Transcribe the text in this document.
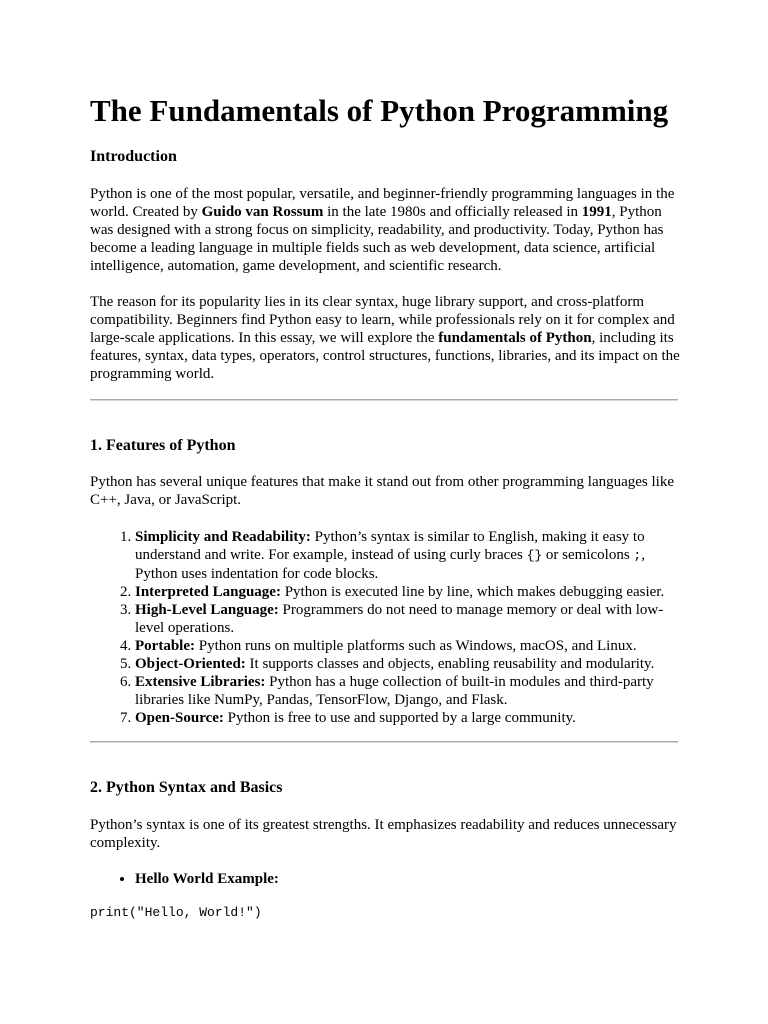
The Fundamentals of Python Programming
Introduction

Python is one of the most popular, versatile, and beginner-friendly programming languages in the world. Created by Guido van Rossum in the late 1980s and officially released in 1991, Python was designed with a strong focus on simplicity, readability, and productivity. Today, Python has become a leading language in multiple fields such as web development, data science, artificial intelligence, automation, game development, and scientific research.

The reason for its popularity lies in its clear syntax, huge library support, and cross-platform compatibility. Beginners find Python easy to learn, while professionals rely on it for complex and large-scale applications. In this essay, we will explore the fundamentals of Python, including its features, syntax, data types, operators, control structures, functions, libraries, and its impact on the programming world.

1. Features of Python

Python has several unique features that make it stand out from other programming languages like C++, Java, or JavaScript.

1. Simplicity and Readability: Python’s syntax is similar to English, making it easy to understand and write. For example, instead of using curly braces {} or semicolons ;, Python uses indentation for code blocks.
2. Interpreted Language: Python is executed line by line, which makes debugging easier.
3. High-Level Language: Programmers do not need to manage memory or deal with low-level operations.
4. Portable: Python runs on multiple platforms such as Windows, macOS, and Linux.
5. Object-Oriented: It supports classes and objects, enabling reusability and modularity.
6. Extensive Libraries: Python has a huge collection of built-in modules and third-party libraries like NumPy, Pandas, TensorFlow, Django, and Flask.
7. Open-Source: Python is free to use and supported by a large community.
2. Python Syntax and Basics

Python’s syntax is one of its greatest strengths. It emphasizes readability and reduces unnecessary complexity.

• Hello World Example:
print("Hello, World!")
